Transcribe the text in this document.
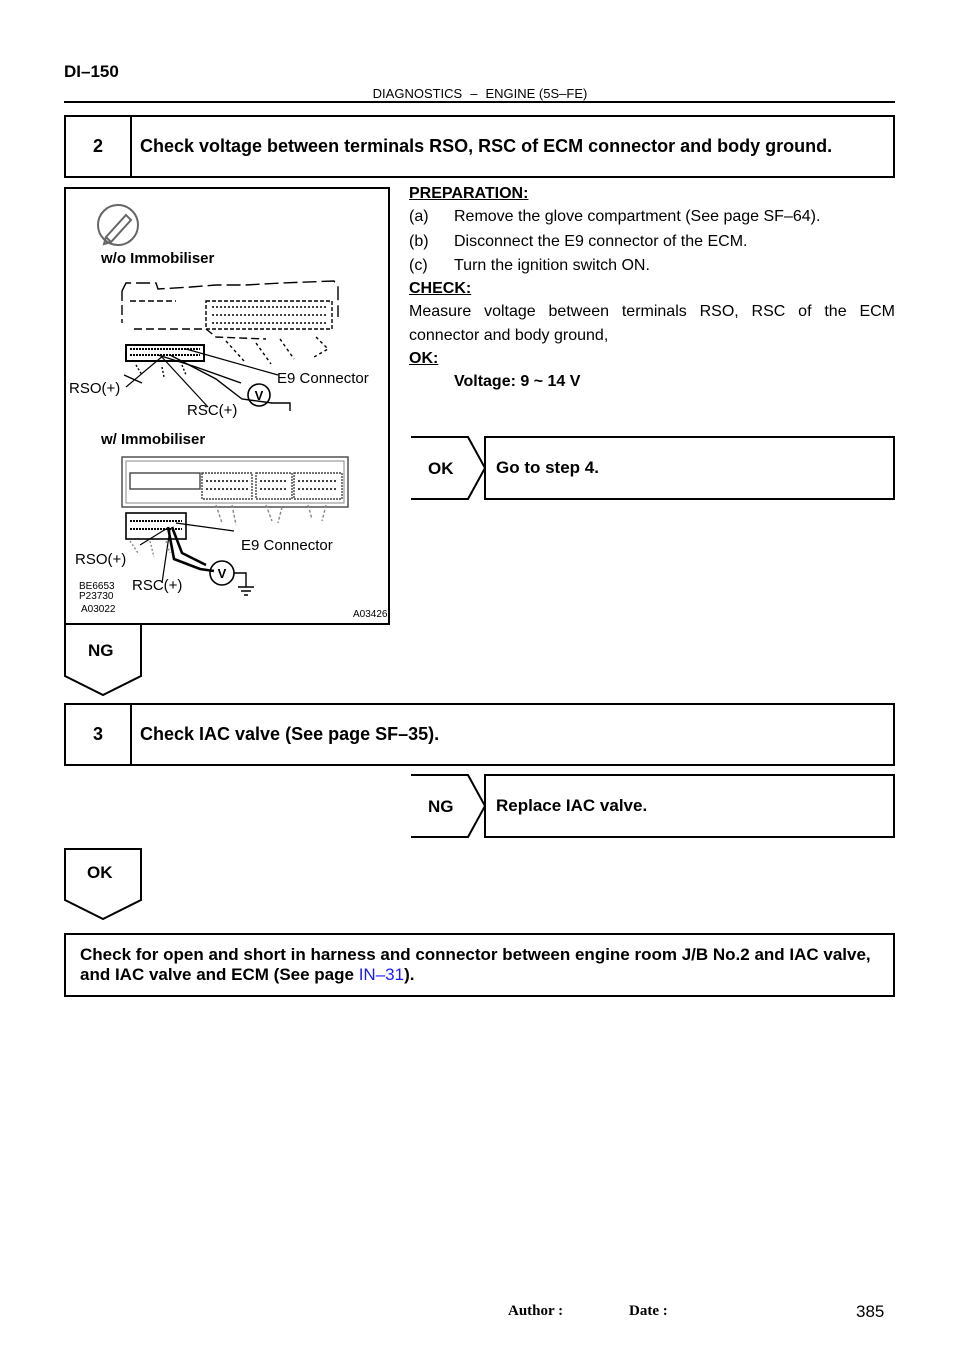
DI–150
DIAGNOSTICS – ENGINE (5S–FE)
2	Check voltage between terminals RSO, RSC of ECM connector and body ground.
V
V
w/o Immobiliser
RSO(+)
RSC(+)
E9 Connector
w/ Immobiliser
E9 Connector
RSO(+)
RSC(+)
BE6653
P23730
A03022	A03426
PREPARATION:
(a) Remove the glove compartment (See page SF–64).
(b) Disconnect the E9 connector of the ECM.
(c) Turn the ignition switch ON.
CHECK:
Measure voltage between terminals RSO, RSC of the ECM
connector and body ground,
OK:
Voltage: 9 ~ 14 V
OK	Go to step 4.
NG
3	Check IAC valve (See page SF–35).
NG	Replace IAC valve.
OK
Check for open and short in harness and connector between engine room J/B No.2 and IAC valve,
and IAC valve and ECM (See page IN–31).
Author :	Date :	385
